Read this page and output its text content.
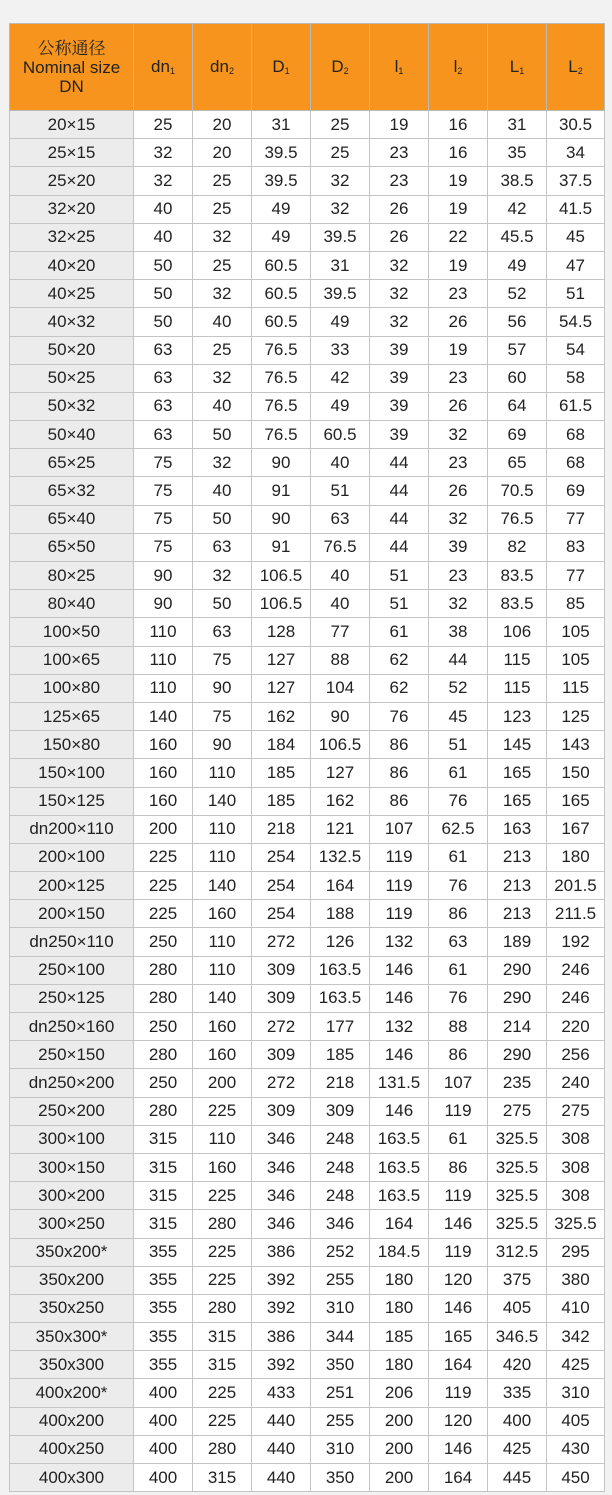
公称通径
Nominal size
DN	$dn_1$	$dn_2$	$D_1$	$D_2$	$l_1$	$l_2$	$L_1$	$L_2$
20×15	25	20	31	25	19	16	31	30.5
25×15	32	20	39.5	25	23	16	35	34
25×20	32	25	39.5	32	23	19	38.5	37.5
32×20	40	25	49	32	26	19	42	41.5
32×25	40	32	49	39.5	26	22	45.5	45
40×20	50	25	60.5	31	32	19	49	47
40×25	50	32	60.5	39.5	32	23	52	51
40×32	50	40	60.5	49	32	26	56	54.5
50×20	63	25	76.5	33	39	19	57	54
50×25	63	32	76.5	42	39	23	60	58
50×32	63	40	76.5	49	39	26	64	61.5
50×40	63	50	76.5	60.5	39	32	69	68
65×25	75	32	90	40	44	23	65	68
65×32	75	40	91	51	44	26	70.5	69
65×40	75	50	90	63	44	32	76.5	77
65×50	75	63	91	76.5	44	39	82	83
80×25	90	32	106.5	40	51	23	83.5	77
80×40	90	50	106.5	40	51	32	83.5	85
100×50	110	63	128	77	61	38	106	105
100×65	110	75	127	88	62	44	115	105
100×80	110	90	127	104	62	52	115	115
125×65	140	75	162	90	76	45	123	125
150×80	160	90	184	106.5	86	51	145	143
150×100	160	110	185	127	86	61	165	150
150×125	160	140	185	162	86	76	165	165
dn200×110	200	110	218	121	107	62.5	163	167
200×100	225	110	254	132.5	119	61	213	180
200×125	225	140	254	164	119	76	213	201.5
200×150	225	160	254	188	119	86	213	211.5
dn250×110	250	110	272	126	132	63	189	192
250×100	280	110	309	163.5	146	61	290	246
250×125	280	140	309	163.5	146	76	290	246
dn250×160	250	160	272	177	132	88	214	220
250×150	280	160	309	185	146	86	290	256
dn250×200	250	200	272	218	131.5	107	235	240
250×200	280	225	309	309	146	119	275	275
300×100	315	110	346	248	163.5	61	325.5	308
300×150	315	160	346	248	163.5	86	325.5	308
300×200	315	225	346	248	163.5	119	325.5	308
300×250	315	280	346	346	164	146	325.5	325.5
350x200*	355	225	386	252	184.5	119	312.5	295
350x200	355	225	392	255	180	120	375	380
350x250	355	280	392	310	180	146	405	410
350x300*	355	315	386	344	185	165	346.5	342
350x300	355	315	392	350	180	164	420	425
400x200*	400	225	433	251	206	119	335	310
400x200	400	225	440	255	200	120	400	405
400x250	400	280	440	310	200	146	425	430
400x300	400	315	440	350	200	164	445	450
